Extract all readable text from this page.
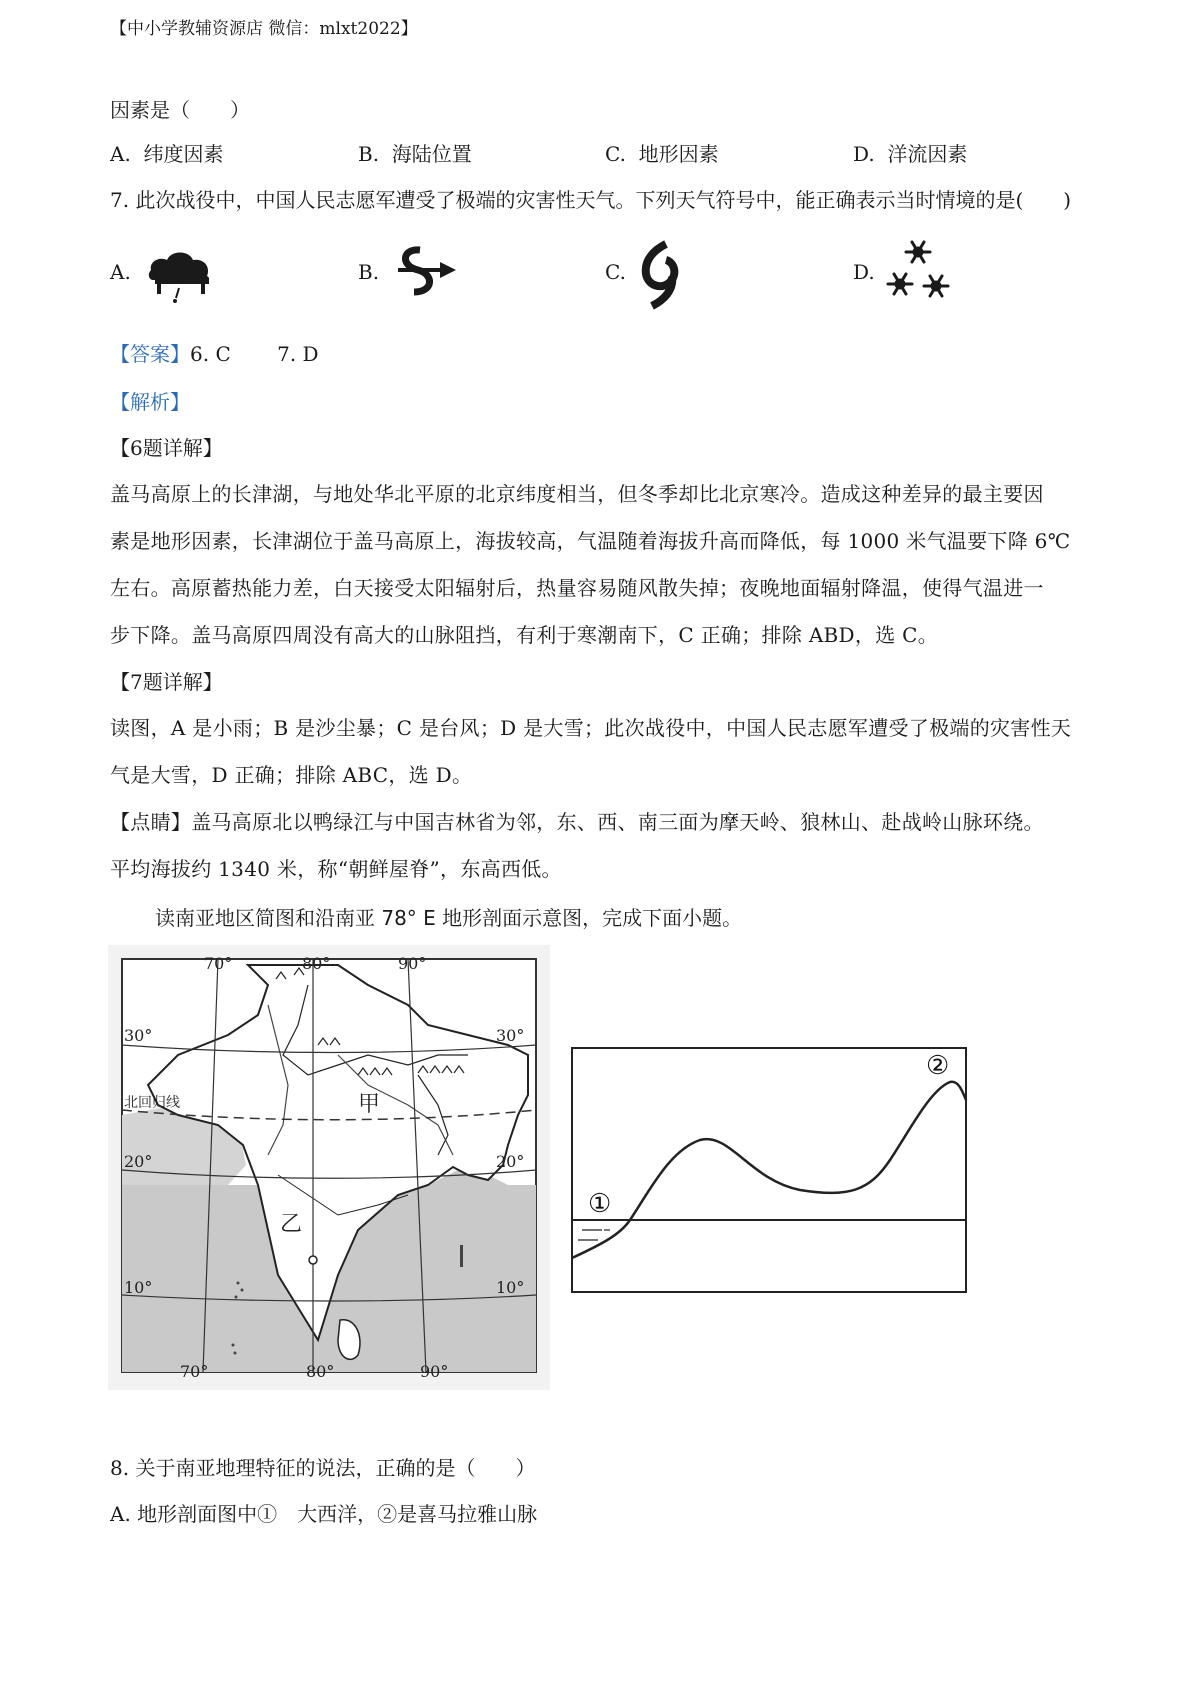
【中小学教辅资源店 微信：mlxt2022】
因素是（　　）
A. 纬度因素	B. 海陆位置	C. 地形因素	D. 洋流因素
7. 此次战役中，中国人民志愿军遭受了极端的灾害性天气。下列天气符号中，能正确表示当时情境的是(　　)
A.	B.	C.	D.
【答案】6. C　　 7. D
【解析】
【6题详解】
盖马高原上的长津湖，与地处华北平原的北京纬度相当，但冬季却比北京寒冷。造成这种差异的最主要因
素是地形因素，长津湖位于盖马高原上，海拔较高，气温随着海拔升高而降低，每 1000 米气温要下降 6℃
左右。高原蓄热能力差，白天接受太阳辐射后，热量容易随风散失掉；夜晚地面辐射降温，使得气温进一
步下降。盖马高原四周没有高大的山脉阻挡，有利于寒潮南下，C 正确；排除 ABD，选 C。
【7题详解】
读图，A 是小雨；B 是沙尘暴；C 是台风；D 是大雪；此次战役中，中国人民志愿军遭受了极端的灾害性天
气是大雪，D 正确；排除 ABC，选 D。
【点睛】盖马高原北以鸭绿江与中国吉林省为邻，东、西、南三面为摩天岭、狼林山、赴战岭山脉环绕。
平均海拔约 1340 米，称“朝鲜屋脊”，东高西低。
读南亚地区简图和沿南亚 78° E 地形剖面示意图，完成下面小题。
70°	80°	90°
30°	30°
北回归线
20°	20°
10°	10°
70°	80°	90°
甲
乙
①
②
8. 关于南亚地理特征的说法，正确的是（　　）
A. 地形剖面图中①　大西洋，②是喜马拉雅山脉
